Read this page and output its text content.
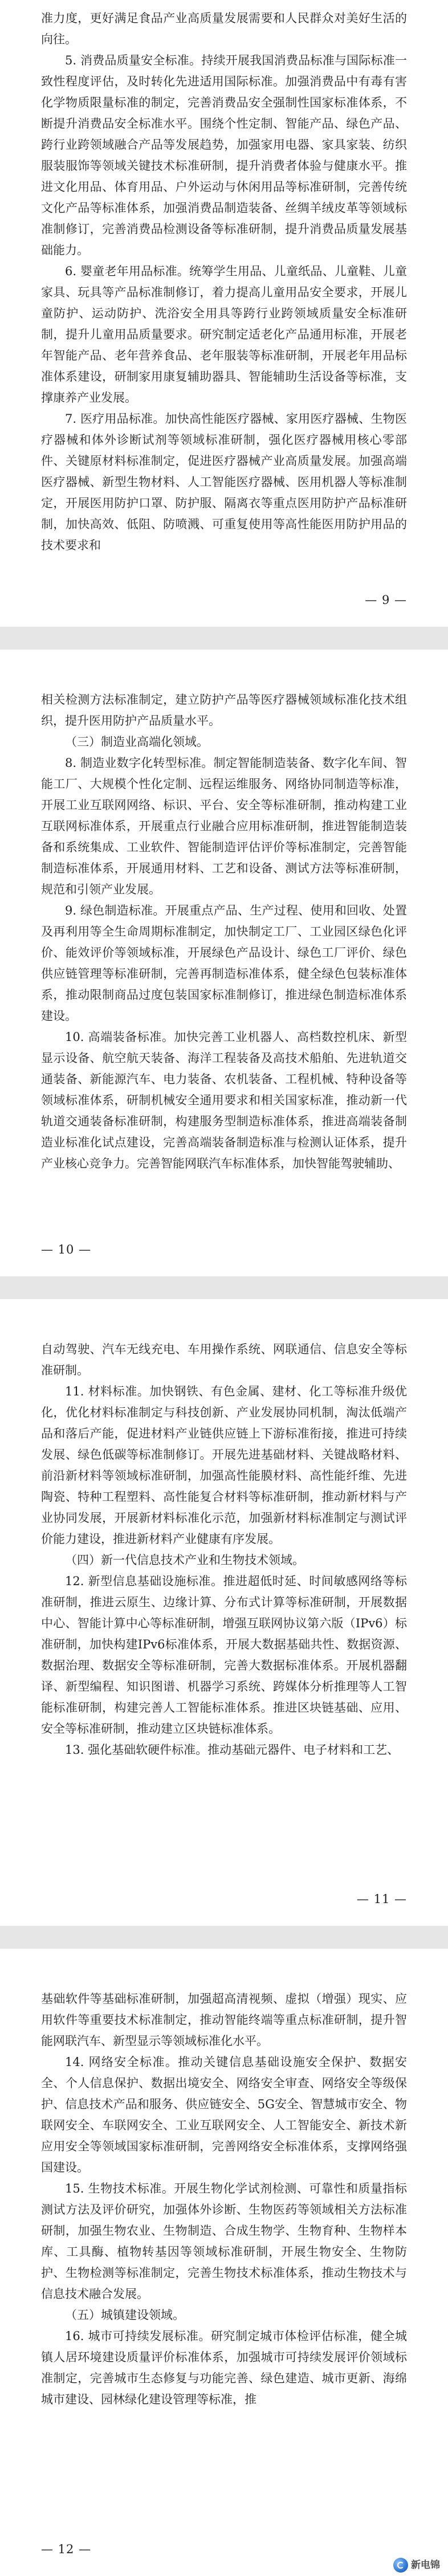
准力度，更好满足食品产业高质量发展需要和人民群众对美好生活的向往。

5. 消费品质量安全标准。持续开展我国消费品标准与国际标准一致性程度评估，及时转化先进适用国际标准。加强消费品中有毒有害化学物质限量标准的制定，完善消费品安全强制性国家标准体系，不断提升消费品安全标准水平。围绕个性定制、智能产品、绿色产品、跨行业跨领域融合产品等发展趋势，加强家用电器、家具家装、纺织服装服饰等领域关键技术标准研制，提升消费者体验与健康水平。推进文化用品、体育用品、户外运动与休闲用品等标准研制，完善传统文化产品等标准体系，加强消费品制造装备、丝绸羊绒皮革等领域标准制修订，完善消费品检测设备等标准研制，提升消费品质量发展基础能力。

6. 婴童老年用品标准。统筹学生用品、儿童纸品、儿童鞋、儿童家具、玩具等产品标准制修订，着力提高儿童用品安全要求，开展儿童防护、运动防护、洗浴安全用具等跨行业跨领域质量安全标准研制，提升儿童用品质量要求。研究制定适老化产品通用标准，开展老年智能产品、老年营养食品、老年服装等标准研制，开展老年用品标准体系建设，研制家用康复辅助器具、智能辅助生活设备等标准，支撑康养产业发展。

7. 医疗用品标准。加快高性能医疗器械、家用医疗器械、生物医疗器械和体外诊断试剂等领域标准研制，强化医疗器械用核心零部件、关键原材料标准制定，促进医疗器械产业高质量发展。加强高端医疗器械、新型生物材料、人工智能医疗器械、医用机器人等标准制定，开展医用防护口罩、防护服、隔离衣等重点医用防护产品标准研制，加快高效、低阻、防喷溅、可重复使用等高性能医用防护用品的技术要求和

— 9 —

相关检测方法标准制定，建立防护产品等医疗器械领域标准化技术组织，提升医用防护产品质量水平。

（三）制造业高端化领域。

8. 制造业数字化转型标准。制定智能制造装备、数字化车间、智能工厂、大规模个性化定制、远程运维服务、网络协同制造等标准，开展工业互联网网络、标识、平台、安全等标准研制，推动构建工业互联网标准体系，开展重点行业融合应用标准研制，推进智能制造装备和系统集成、工业软件、智能制造评估评价等标准制定，完善智能制造标准体系，开展通用材料、工艺和设备、测试方法等标准研制，规范和引领产业发展。

9. 绿色制造标准。开展重点产品、生产过程、使用和回收、处置及再利用等全生命周期标准制定，加快制定工厂、工业园区绿色化评价、能效评价等领域标准，开展绿色产品设计、绿色工厂评价、绿色供应链管理等标准研制，完善再制造标准体系，健全绿色包装标准体系，推动限制商品过度包装国家标准制修订，推进绿色制造标准体系建设。

10. 高端装备标准。加快完善工业机器人、高档数控机床、新型显示设备、航空航天装备、海洋工程装备及高技术船舶、先进轨道交通装备、新能源汽车、电力装备、农机装备、工程机械、特种设备等领域标准体系，研制机械安全通用要求和相关国家标准，推动新一代轨道交通装备标准研制，构建服务型制造标准体系，推进高端装备制造业标准化试点建设，完善高端装备制造标准与检测认证体系，提升产业核心竞争力。完善智能网联汽车标准体系，加快智能驾驶辅助、

— 10 —

自动驾驶、汽车无线充电、车用操作系统、网联通信、信息安全等标准研制。

11. 材料标准。加快钢铁、有色金属、建材、化工等标准升级优化，优化材料标准制定与科技创新、产业发展协同机制，淘汰低端产品和落后产能，促进材料产业链供应链上下游标准衔接，推进可持续发展、绿色低碳等标准制修订。开展先进基础材料、关键战略材料、前沿新材料等领域标准研制，加强高性能膜材料、高性能纤维、先进陶瓷、特种工程塑料、高性能复合材料等标准研制，推动新材料与产业协同发展，开展新材料标准化示范，加强新材料标准制定与测试评价能力建设，推进新材料产业健康有序发展。

（四）新一代信息技术产业和生物技术领域。

12. 新型信息基础设施标准。推进超低时延、时间敏感网络等标准研制，推进云原生、边缘计算、分布式计算等标准研制，开展数据中心、智能计算中心等标准研制，增强互联网协议第六版（IPv6）标准研制，加快构建IPv6标准体系，开展大数据基础共性、数据资源、数据治理、数据安全等标准研制，完善大数据标准体系。开展机器翻译、新型编程、知识图谱、机器学习系统、跨媒体分析推理等人工智能标准研制，构建完善人工智能标准体系。推进区块链基础、应用、安全等标准研制，推动建立区块链标准体系。

13. 强化基础软硬件标准。推动基础元器件、电子材料和工艺、

— 11 —

基础软件等基础标准研制，加强超高清视频、虚拟（增强）现实、应用软件等重要技术标准制定，推动智能终端等重点标准研制，提升智能网联汽车、新型显示等领域标准化水平。

14. 网络安全标准。推动关键信息基础设施安全保护、数据安全、个人信息保护、数据出境安全、网络安全审查、网络安全等级保护、信息技术产品和服务、供应链安全、5G安全、智慧城市安全、物联网安全、车联网安全、工业互联网安全、人工智能安全、新技术新应用安全等领域国家标准研制，完善网络安全标准体系，支撑网络强国建设。

15. 生物技术标准。开展生物化学试剂检测、可靠性和质量指标测试方法及评价研究，加强体外诊断、生物医药等领域相关方法标准研制，加强生物农业、生物制造、合成生物学、生物育种、生物样本库、工具酶、植物转基因等领域标准研制，开展生物安全、生物防护、生物检测等标准制定，完善生物技术标准体系，推动生物技术与信息技术融合发展。

（五）城镇建设领域。

16. 城市可持续发展标准。研究制定城市体检评估标准，健全城镇人居环境建设质量评价标准体系，加强城市可持续发展评价领域标准制定，完善城市生态修复与功能完善、绿色建造、城市更新、海绵城市建设、园林绿化建设管理等标准，推

— 12 —
新电锦
